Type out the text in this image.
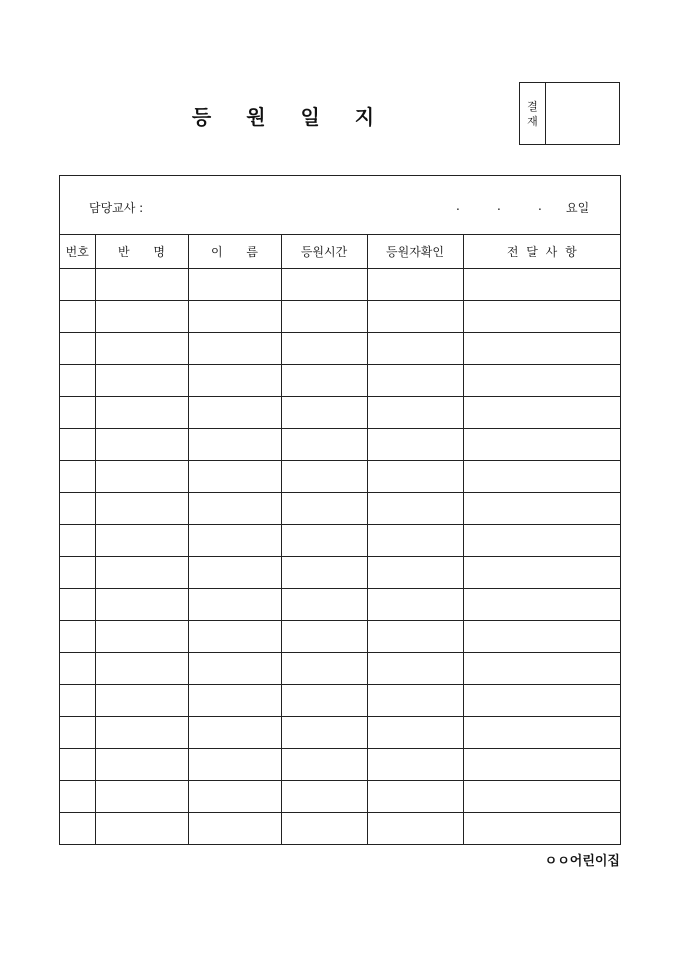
등 원 일 지	결
재
담당교사 :	.	.	. 요일
번호	반 명	이 름	등원시간	등원자확인	전 달 사 항

ㅇㅇ어린이집
